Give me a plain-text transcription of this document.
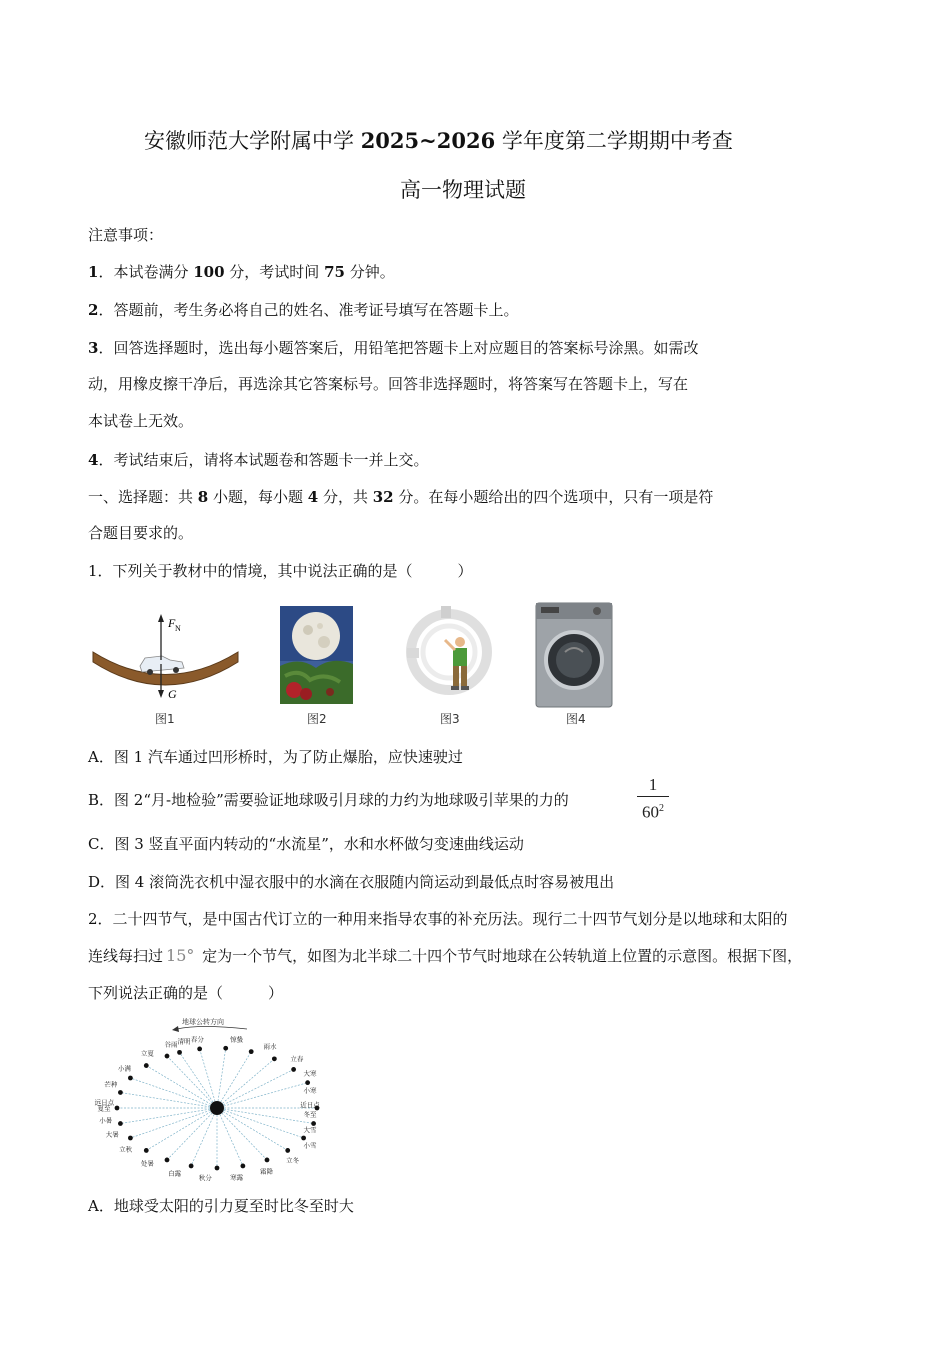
安徽师范大学附属中学 2025~2026 学年度第二学期期中考查
高一物理试题
注意事项：
1．本试卷满分 100 分，考试时间 75 分钟。
2．答题前，考生务必将自己的姓名、准考证号填写在答题卡上。
3．回答选择题时，选出每小题答案后，用铅笔把答题卡上对应题目的答案标号涂黑。如需改
动，用橡皮擦干净后，再选涂其它答案标号。回答非选择题时，将答案写在答题卡上，写在
本试卷上无效。
4．考试结束后，请将本试题卷和答题卡一并上交。
一、选择题：共 8 小题，每小题 4 分，共 32 分。在每小题给出的四个选项中，只有一项是符
合题目要求的。
1．下列关于教材中的情境，其中说法正确的是（　　　）
F N
G
图1	图2	图3	图4
A．图 1 汽车通过凹形桥时，为了防止爆胎，应快速驶过
B．图 2“月-地检验”需要验证地球吸引月球的力约为地球吸引苹果的力的
1
$60^2$
C．图 3 竖直平面内转动的“水流星”，水和水杯做匀变速曲线运动
D．图 4 滚筒洗衣机中湿衣服中的水滴在衣服随内筒运动到最低点时容易被甩出
2．二十四节气，是中国古代订立的一种用来指导农事的补充历法。现行二十四节气划分是以地球和太阳的
连线每扫过 15° 定为一个节气，如图为北半球二十四个节气时地球在公转轨道上位置的示意图。根据下图，
下列说法正确的是（　　　）
地球公转方向
春分	惊蛰
雨水
立春
大寒
小寒
近日点
冬至
大雪
小雪
立冬
霜降
寒露
秋分
白露
处暑
立秋
大暑
小暑
夏至
远日点
芒种
小满
立夏
谷雨 清明
A．地球受太阳的引力夏至时比冬至时大
